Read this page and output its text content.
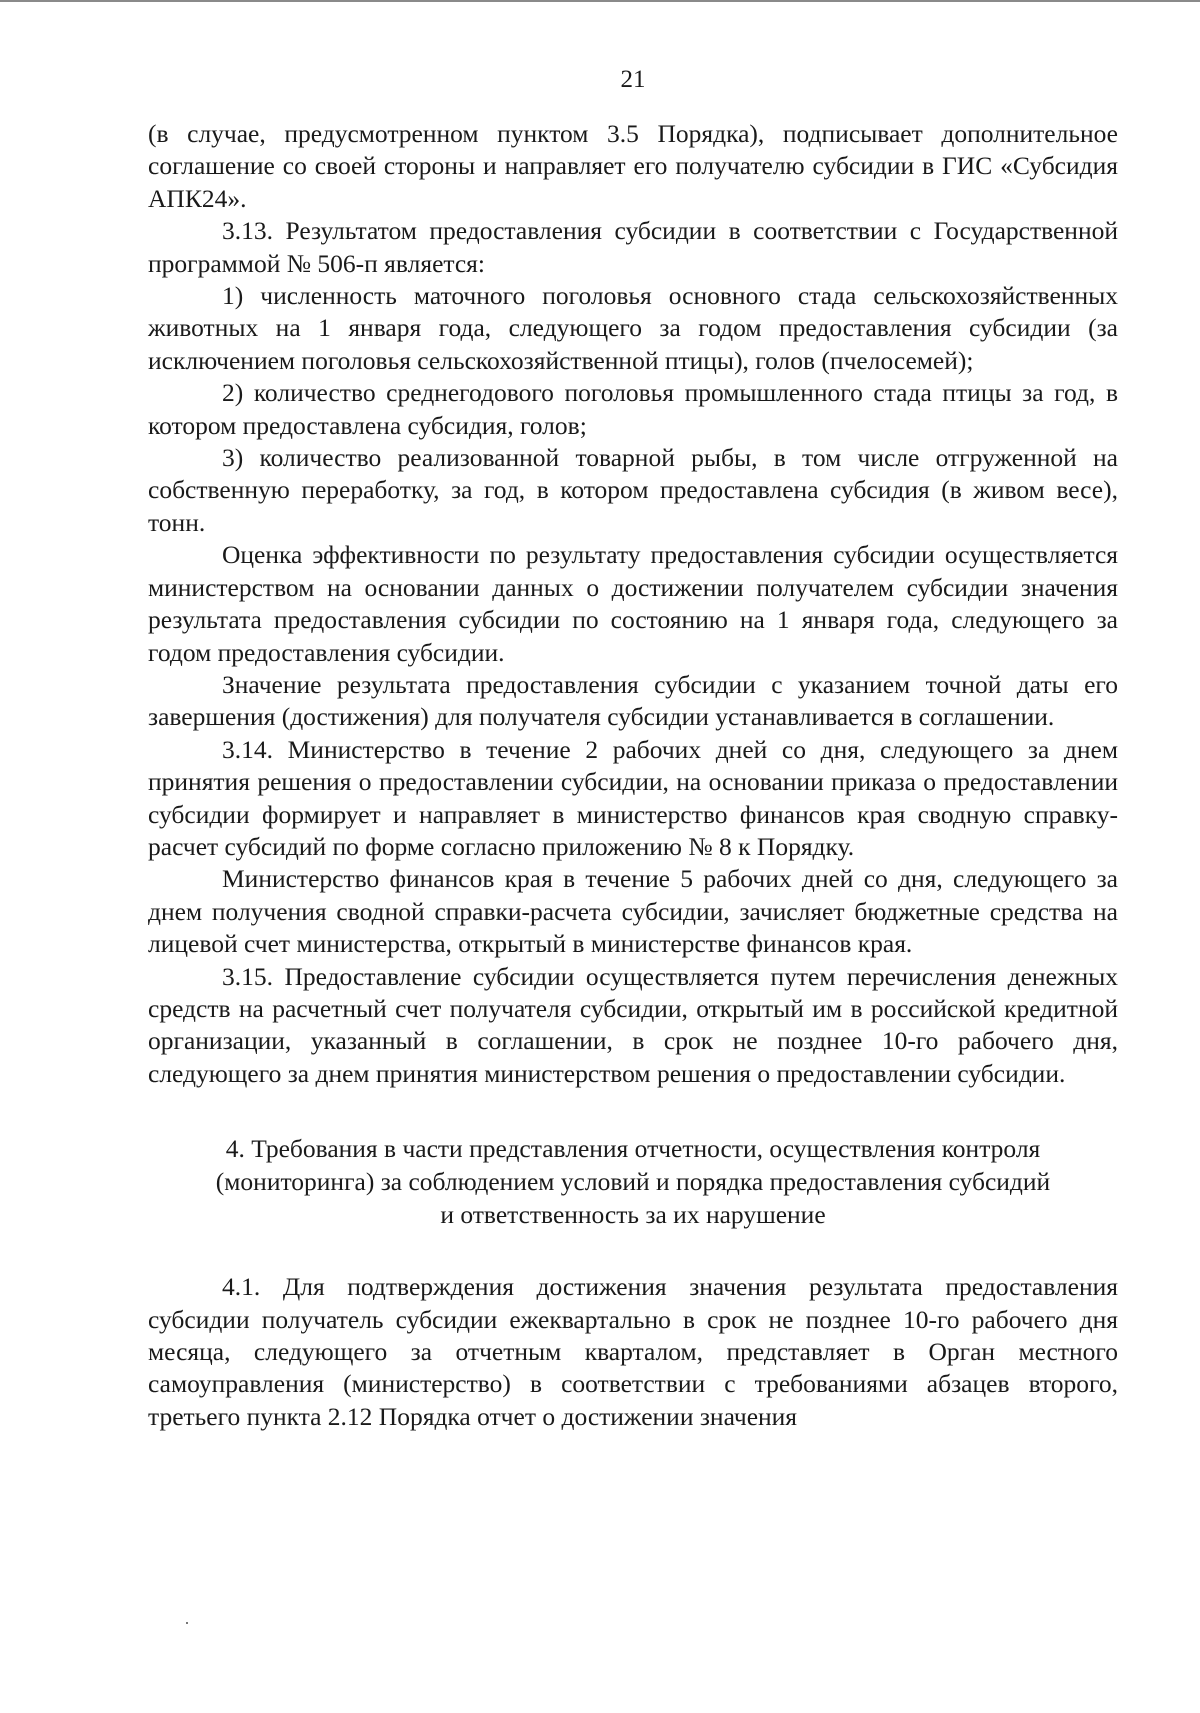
21

(в случае, предусмотренном пунктом 3.5 Порядка), подписывает дополнительное соглашение со своей стороны и направляет его получателю субсидии в ГИС «Субсидия АПК24».

3.13. Результатом предоставления субсидии в соответствии с Государственной программой № 506-п является:

1) численность маточного поголовья основного стада сельскохозяйственных животных на 1 января года, следующего за годом предоставления субсидии (за исключением поголовья сельскохозяйственной птицы), голов (пчелосемей);

2) количество среднегодового поголовья промышленного стада птицы за год, в котором предоставлена субсидия, голов;

3) количество реализованной товарной рыбы, в том числе отгруженной на собственную переработку, за год, в котором предоставлена субсидия (в живом весе), тонн.

Оценка эффективности по результату предоставления субсидии осуществляется министерством на основании данных о достижении получателем субсидии значения результата предоставления субсидии по состоянию на 1 января года, следующего за годом предоставления субсидии.

Значение результата предоставления субсидии с указанием точной даты его завершения (достижения) для получателя субсидии устанавливается в соглашении.

3.14. Министерство в течение 2 рабочих дней со дня, следующего за днем принятия решения о предоставлении субсидии, на основании приказа о предоставлении субсидии формирует и направляет в министерство финансов края сводную справку-расчет субсидий по форме согласно приложению № 8 к Порядку.

Министерство финансов края в течение 5 рабочих дней со дня, следующего за днем получения сводной справки-расчета субсидии, зачисляет бюджетные средства на лицевой счет министерства, открытый в министерстве финансов края.

3.15. Предоставление субсидии осуществляется путем перечисления денежных средств на расчетный счет получателя субсидии, открытый им в российской кредитной организации, указанный в соглашении, в срок не позднее 10-го рабочего дня, следующего за днем принятия министерством решения о предоставлении субсидии.

4. Требования в части представления отчетности, осуществления контроля
(мониторинга) за соблюдением условий и порядка предоставления субсидий
и ответственность за их нарушение

4.1. Для подтверждения достижения значения результата предоставления субсидии получатель субсидии ежеквартально в срок не позднее 10-го рабочего дня месяца, следующего за отчетным кварталом, представляет в Орган местного самоуправления (министерство) в соответствии с требованиями абзацев второго, третьего пункта 2.12 Порядка отчет о достижении значения
